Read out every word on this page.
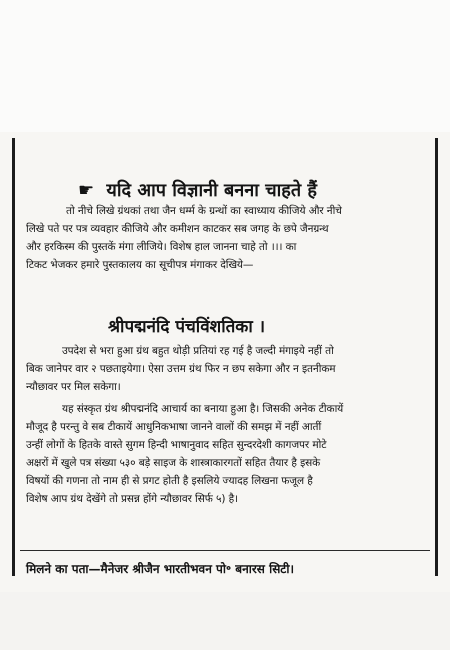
☛ यदि आप विज्ञानी बनना चाहते हैं
तो नीचे लिखे ग्रंथकां तथा जैन धर्म्म के ग्रन्थों का स्वाध्याय कीजिये और नीचे
लिखे पते पर पत्र व्यवहार कीजिये और कमीशन काटकर सब जगह के छपे जैनग्रन्थ
और हरकिस्म की पुस्तकें मंगा लीजिये। विशेष हाल जानना चाहे तो ।।। का
टिकट भेजकर हमारे पुस्तकालय का सूचीपत्र मंगाकर देखिये—
श्रीपद्मनंदि पंचविंशतिका ।
उपदेश से भरा हुआ ग्रंथ बहुत थोड़ी प्रतियां रह गई है जल्दी मंगाइये नहीं तो
बिक जानेपर वार २ पछताइयेगा। ऐसा उत्तम ग्रंथ फिर न छप सकेगा और न इतनीकम
न्यौछावर पर मिल सकेगा।
यह संस्कृत ग्रंथ श्रीपद्मनंदि आचार्य का बनाया हुआ है। जिसकी अनेक टीकायें
मौजूद है परन्तु वे सब टीकायें आधुनिकभाषा जानने वालों की समझ में नहीं आतीं
उन्हीं लोगों के हितके वास्ते सुगम हिन्दी भाषानुवाद सहित सुन्दरदेशी कागजपर मोटे
अक्षरों में खुले पत्र संख्या ५३० बड़े साइज के शास्त्राकारगतों सहित तैयार है इसके
विषयों की गणना तो नाम ही से प्रगट होती है इसलिये ज्यादह लिखना फजूल है
विशेष आप ग्रंथ देखेंगे तो प्रसन्न होंगे न्यौछावर सिर्फ ५) है।
मिलने का पता—मैनेजर श्रीजैन भारतीभवन पो॰ बनारस सिटी।
